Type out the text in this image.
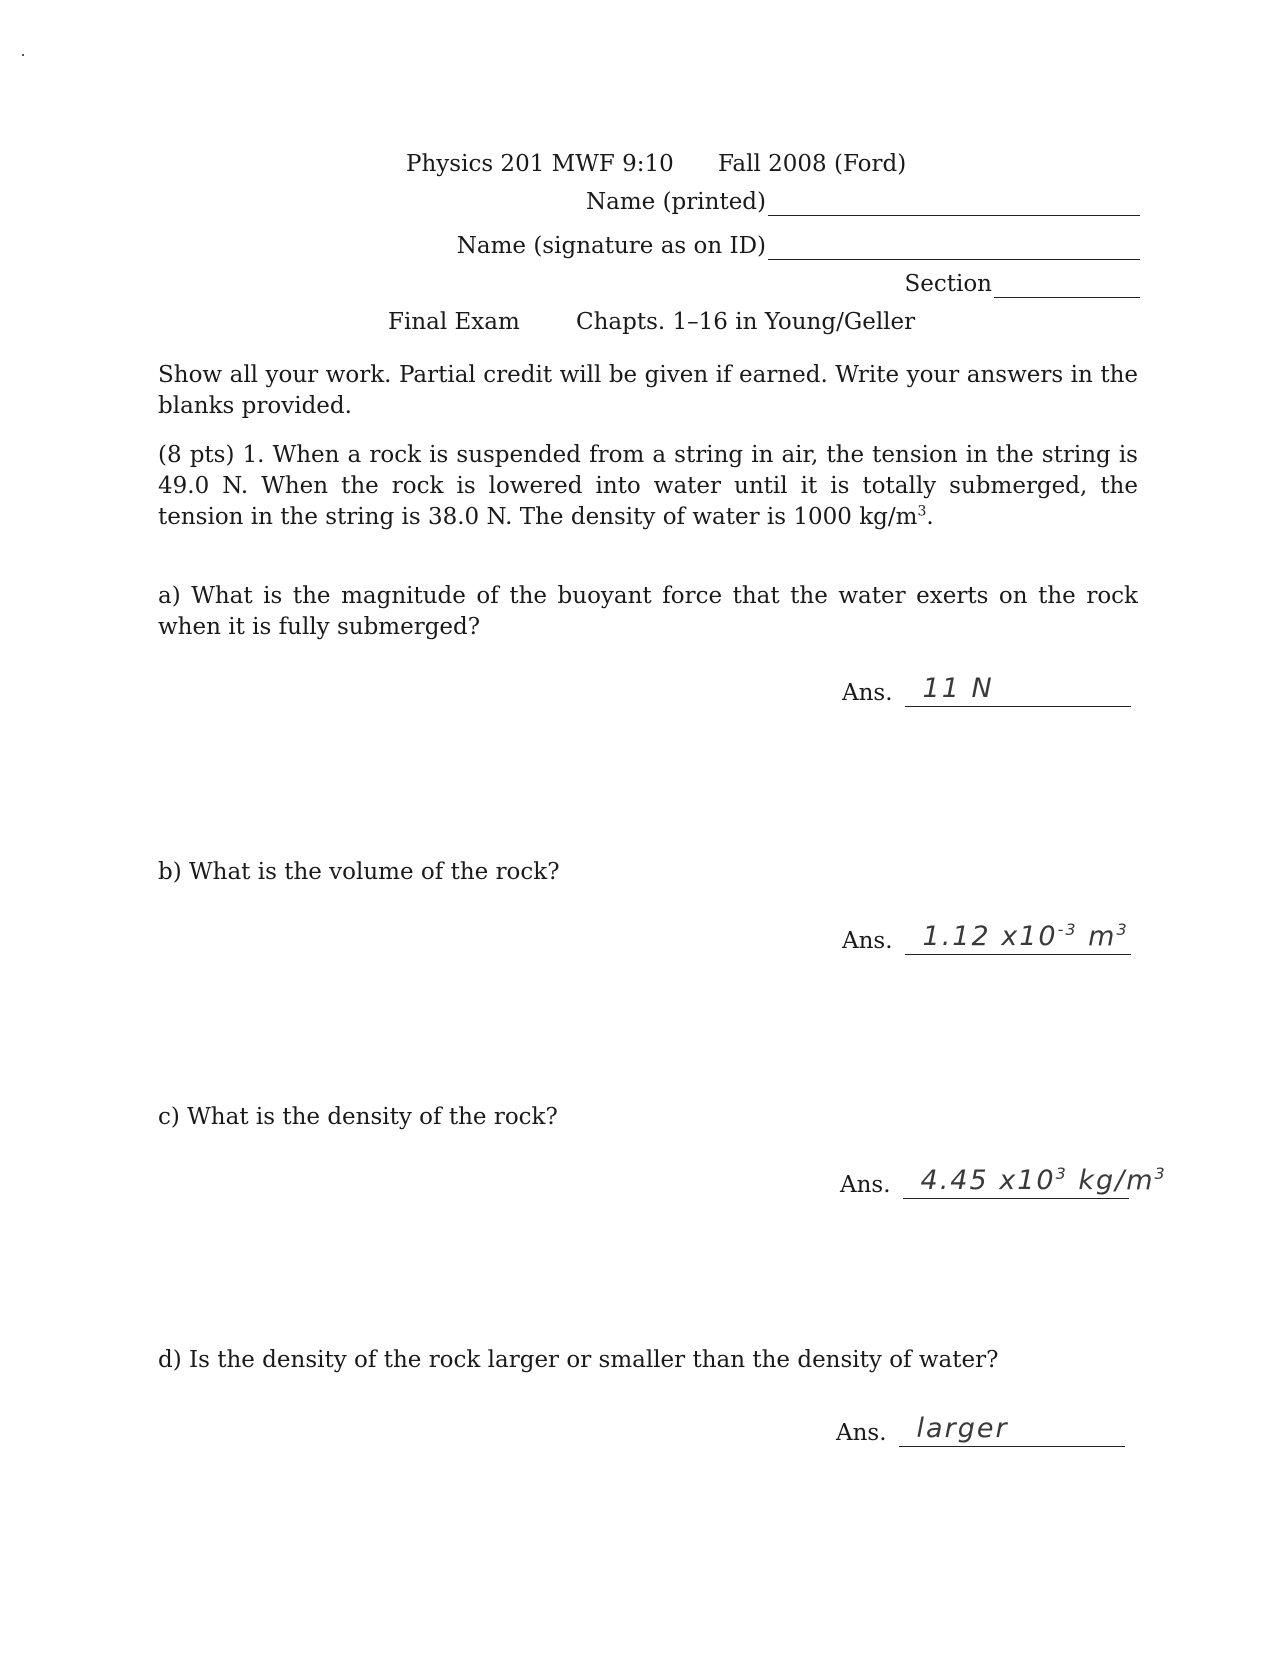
Physics 201 MWF 9:10 Fall 2008 (Ford)
Name (printed)
Name (signature as on ID)
Section
Final Exam Chapts. 1–16 in Young/Geller
Show all your work. Partial credit will be given if earned. Write your answers in the blanks provided.
(8 pts) 1. When a rock is suspended from a string in air, the tension in the string is 49.0 N. When the rock is lowered into water until it is totally submerged, the tension in the string is 38.0 N. The density of water is 1000 $kg/m^3$.
a) What is the magnitude of the buoyant force that the water exerts on the rock when it is fully submerged?
Ans. 11 N
b) What is the volume of the rock?
Ans. 1.12 $x10^{-3}$ $m^3$
c) What is the density of the rock?
Ans. 4.45 $x10^3$ $kg/m^3$
d) Is the density of the rock larger or smaller than the density of water?
Ans. larger
